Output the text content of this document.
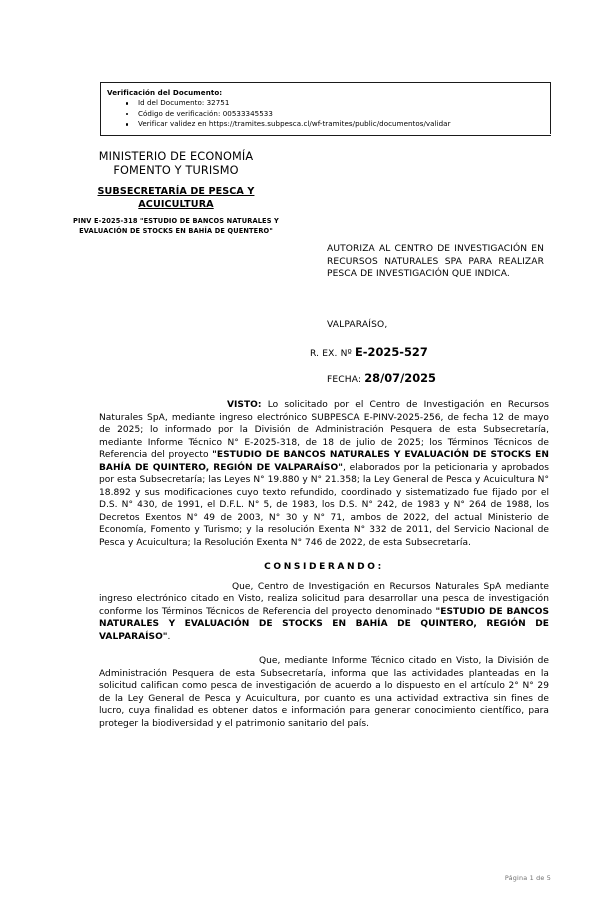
Verificación del Documento:
Id del Documento: 32751
Código de verificación: 00533345533
Verificar validez en https://tramites.subpesca.cl/wf-tramites/public/documentos/validar
MINISTERIO DE ECONOMÍA
FOMENTO Y TURISMO
SUBSECRETARÍA DE PESCA Y
ACUICULTURA
PINV E-2025-318 "ESTUDIO DE BANCOS NATURALES Y
EVALUACIÓN DE STOCKS EN BAHÍA DE QUENTERO"
AUTORIZA AL CENTRO DE INVESTIGACIÓN EN RECURSOS NATURALES SPA PARA REALIZAR PESCA DE INVESTIGACIÓN QUE INDICA.
VALPARAÍSO,
R. EX. Nº E-2025-527
FECHA: 28/07/2025

VISTO: Lo solicitado por el Centro de Investigación en Recursos Naturales SpA, mediante ingreso electrónico SUBPESCA E-PINV-2025-256, de fecha 12 de mayo de 2025; lo informado por la División de Administración Pesquera de esta Subsecretaría, mediante Informe Técnico N° E-2025-318, de 18 de julio de 2025; los Términos Técnicos de Referencia del proyecto "ESTUDIO DE BANCOS NATURALES Y EVALUACIÓN DE STOCKS EN BAHÍA DE QUINTERO, REGIÓN DE VALPARAÍSO", elaborados por la peticionaria y aprobados por esta Subsecretaría; las Leyes N° 19.880 y N° 21.358; la Ley General de Pesca y Acuicultura N° 18.892 y sus modificaciones cuyo texto refundido, coordinado y sistematizado fue fijado por el D.S. N° 430, de 1991, el D.F.L. N° 5, de 1983, los D.S. N° 242, de 1983 y N° 264 de 1988, los Decretos Exentos N° 49 de 2003, N° 30 y N° 71, ambos de 2022, del actual Ministerio de Economía, Fomento y Turismo; y la resolución Exenta N° 332 de 2011, del Servicio Nacional de Pesca y Acuicultura; la Resolución Exenta N° 746 de 2022, de esta Subsecretaría.

CONSIDERANDO:

Que, Centro de Investigación en Recursos Naturales SpA mediante ingreso electrónico citado en Visto, realiza solicitud para desarrollar una pesca de investigación conforme los Términos Técnicos de Referencia del proyecto denominado "ESTUDIO DE BANCOS NATURALES Y EVALUACIÓN DE STOCKS EN BAHÍA DE QUINTERO, REGIÓN DE VALPARAÍSO".

Que, mediante Informe Técnico citado en Visto, la División de Administración Pesquera de esta Subsecretaría, informa que las actividades planteadas en la solicitud califican como pesca de investigación de acuerdo a lo dispuesto en el artículo 2° N° 29 de la Ley General de Pesca y Acuicultura, por cuanto es una actividad extractiva sin fines de lucro, cuya finalidad es obtener datos e información para generar conocimiento científico, para proteger la biodiversidad y el patrimonio sanitario del país.

Página 1 de 5
